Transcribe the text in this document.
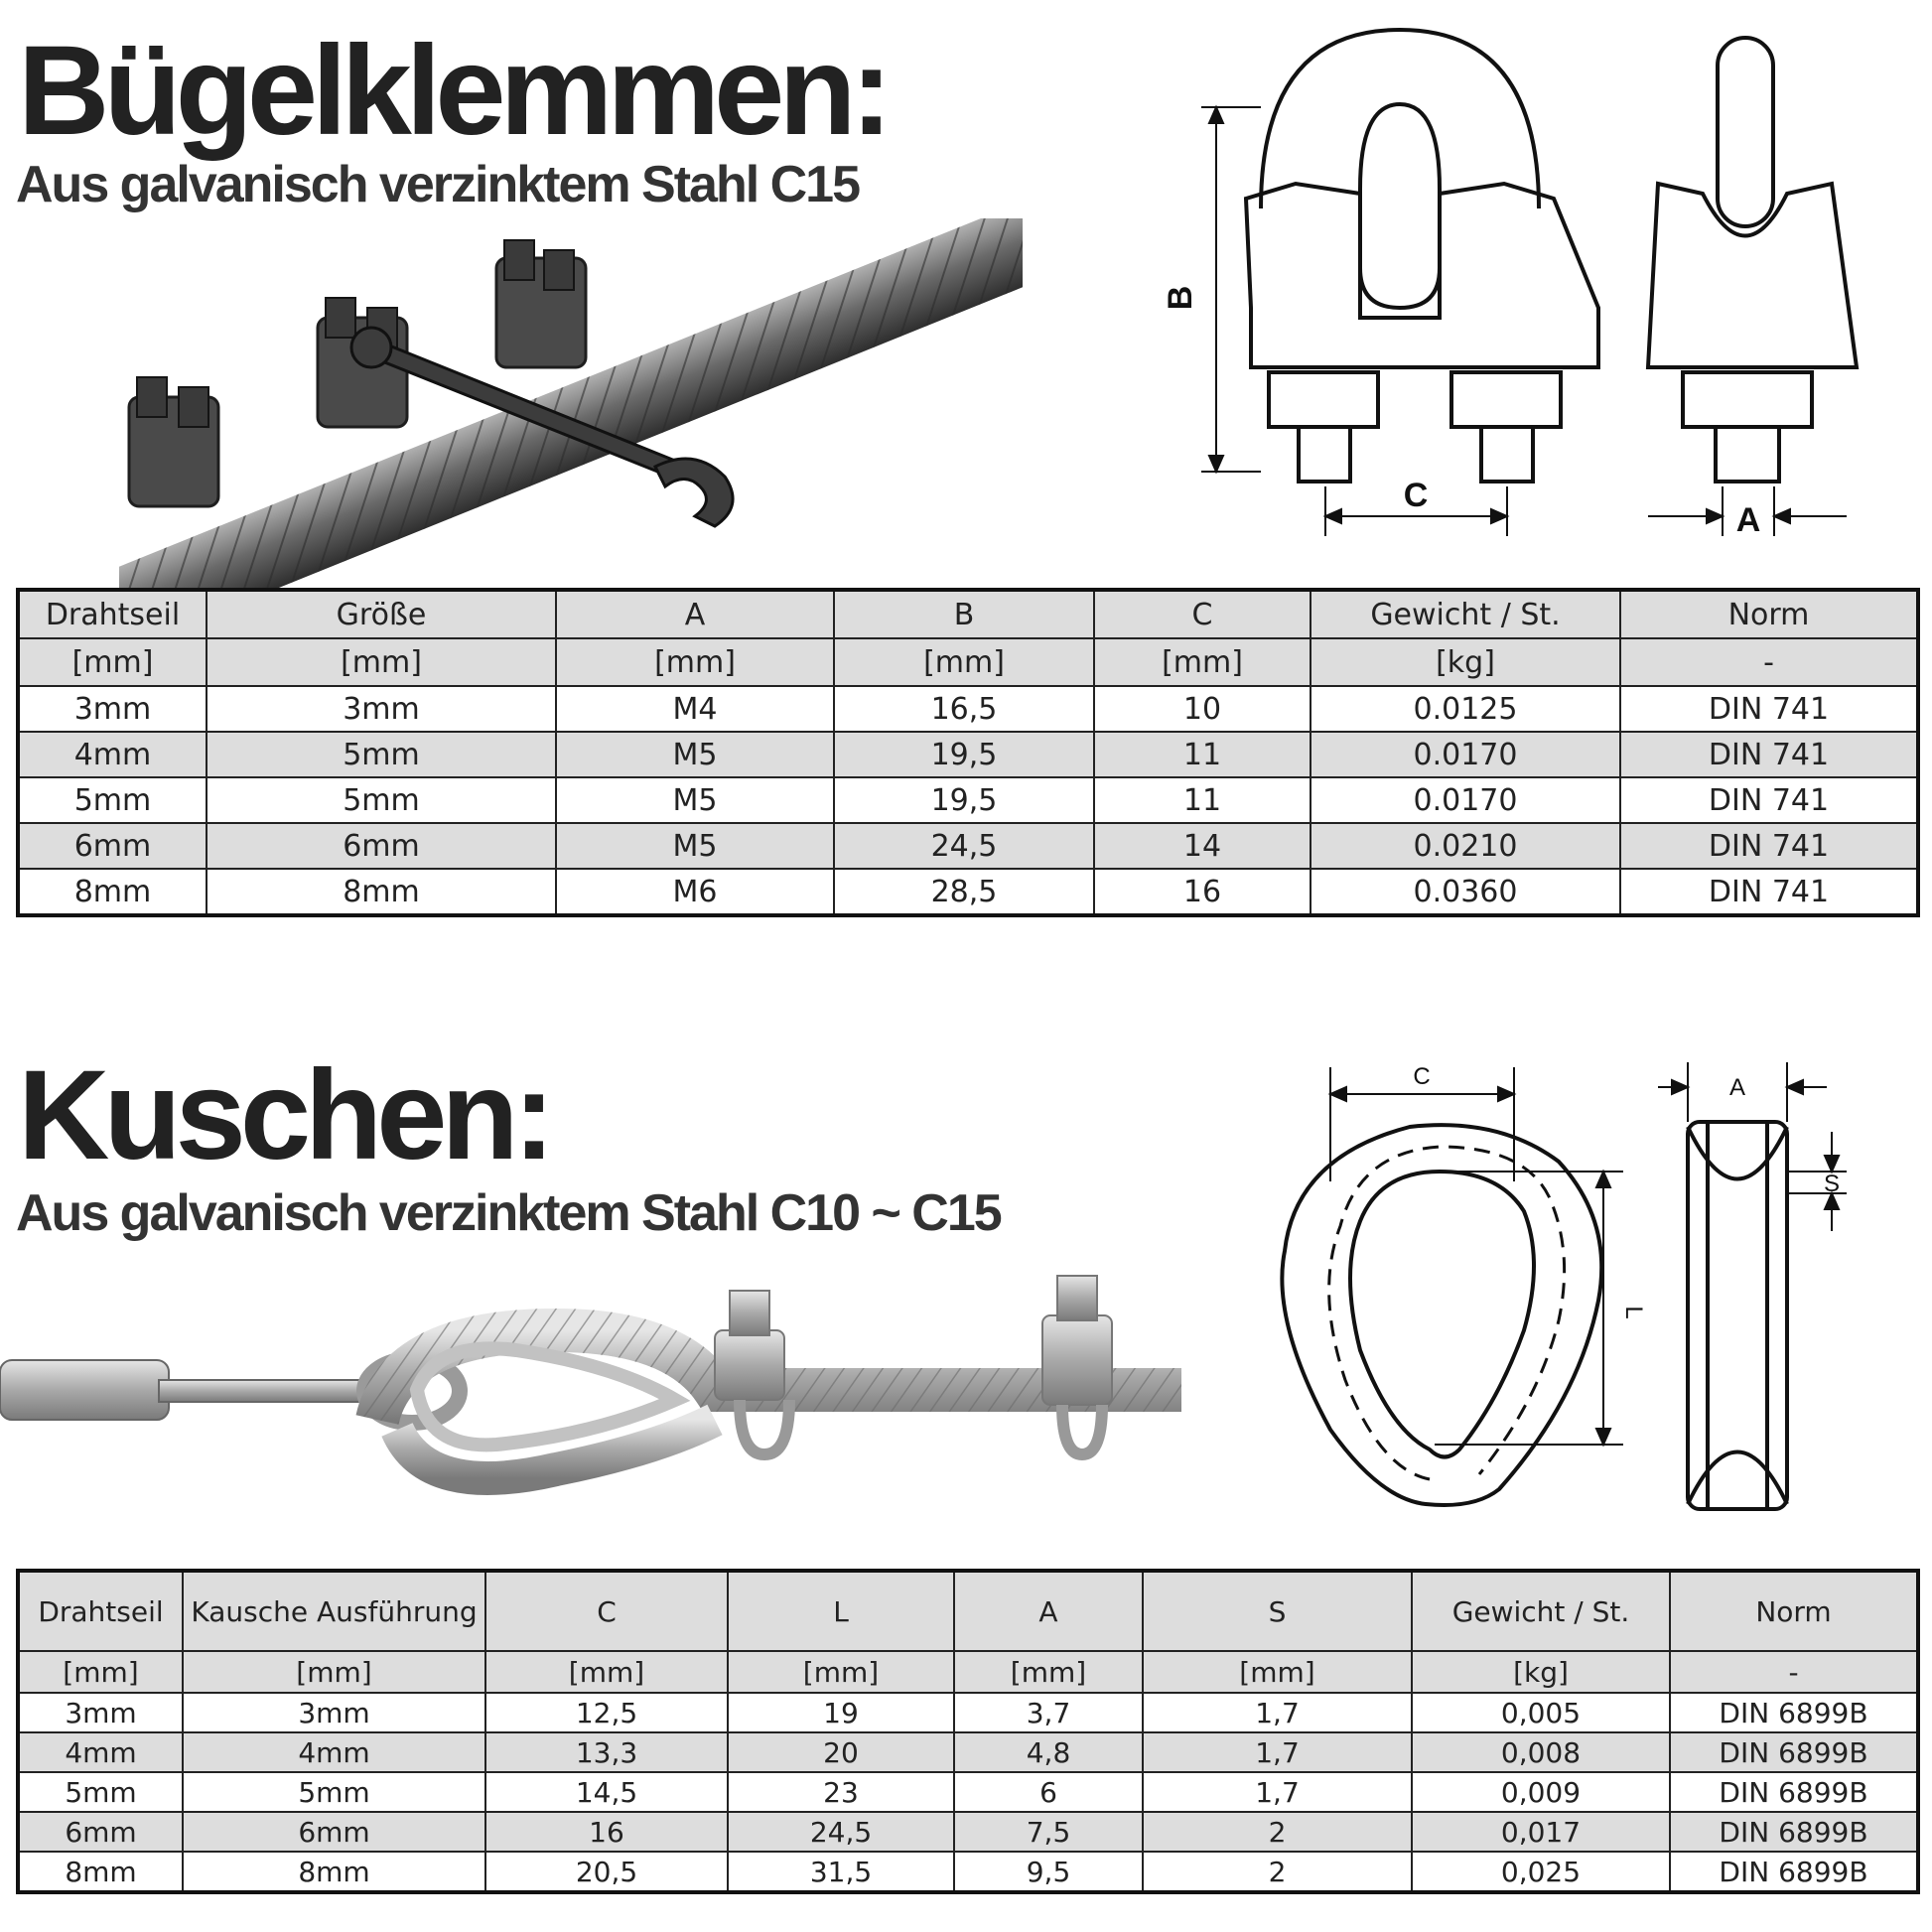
Bügelklemmen:
Aus galvanisch verzinktem Stahl C15
B
C
A
Drahtseil	Größe	A	B	C	Gewicht / St.	Norm
[mm]	[mm]	[mm]	[mm]	[mm]	[kg]	-
3mm	3mm	M4	16,5	10	0.0125	DIN 741
4mm	5mm	M5	19,5	11	0.0170	DIN 741
5mm	5mm	M5	19,5	11	0.0170	DIN 741
6mm	6mm	M5	24,5	14	0.0210	DIN 741
8mm	8mm	M6	28,5	16	0.0360	DIN 741
Kuschen:
Aus galvanisch verzinktem Stahl C10 ~ C15
C
L
A
S
Drahtseil	Kausche Ausführung	C	L	A	S	Gewicht / St.	Norm
[mm]	[mm]	[mm]	[mm]	[mm]	[mm]	[kg]	-
3mm	3mm	12,5	19	3,7	1,7	0,005	DIN 6899B
4mm	4mm	13,3	20	4,8	1,7	0,008	DIN 6899B
5mm	5mm	14,5	23	6	1,7	0,009	DIN 6899B
6mm	6mm	16	24,5	7,5	2	0,017	DIN 6899B
8mm	8mm	20,5	31,5	9,5	2	0,025	DIN 6899B
